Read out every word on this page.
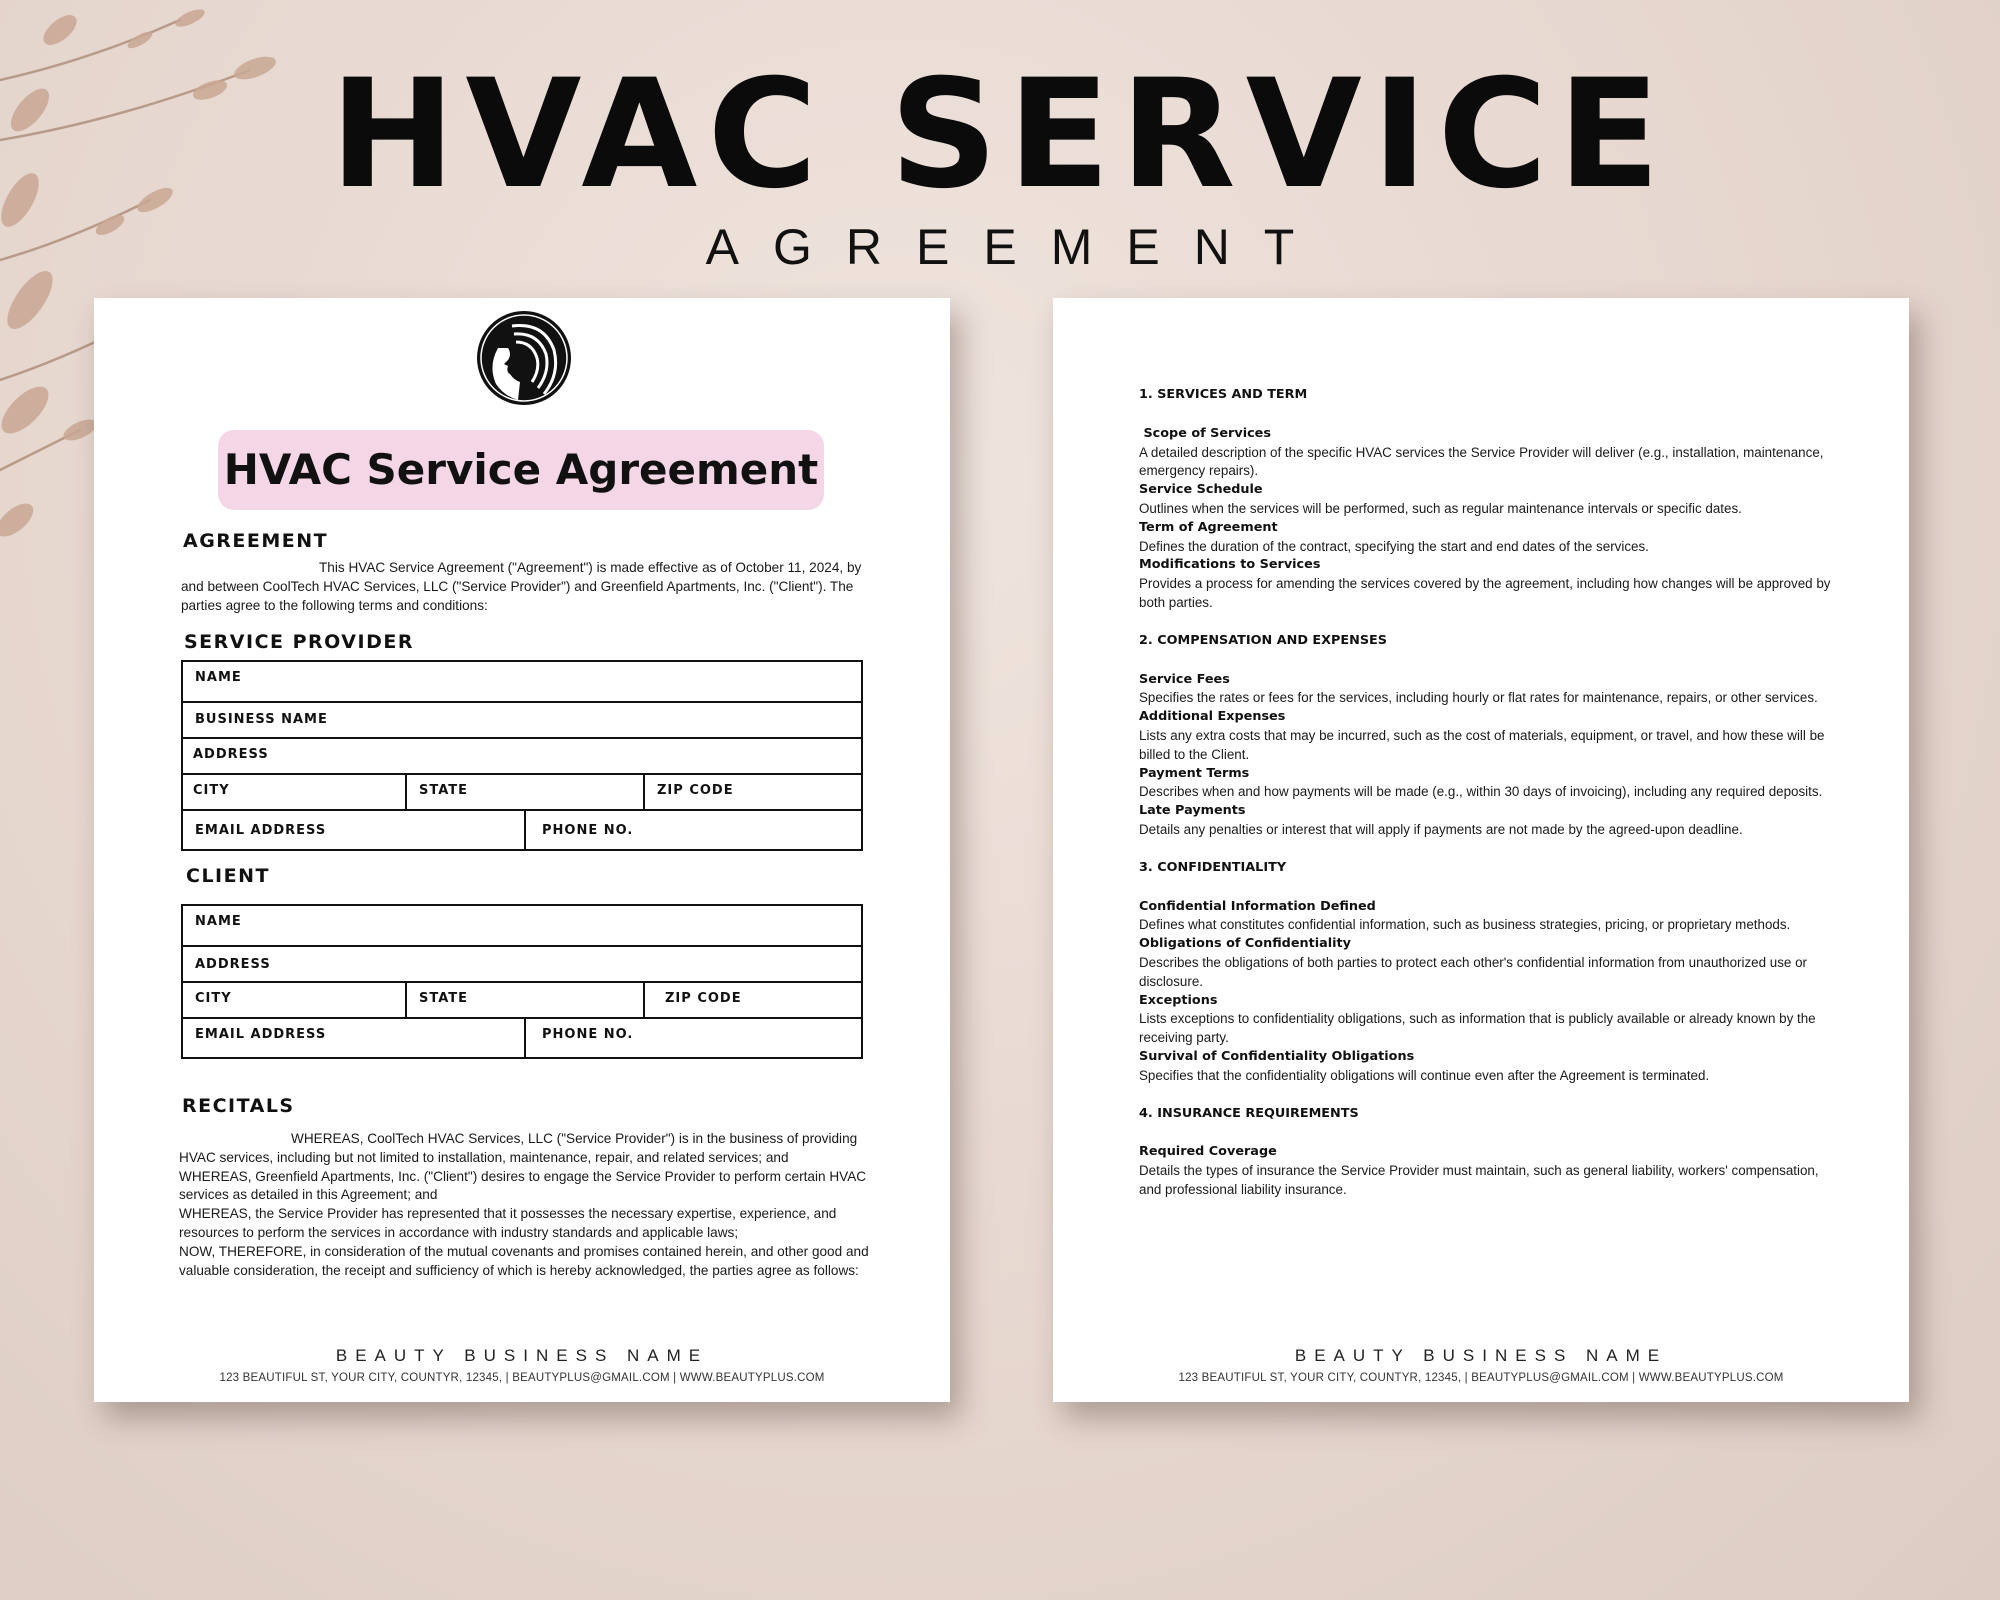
HVAC SERVICE
AGREEMENT
HVAC Service Agreement
AGREEMENT
This HVAC Service Agreement ("Agreement") is made effective as of October 11, 2024, by and between CoolTech HVAC Services, LLC ("Service Provider") and Greenfield Apartments, Inc. ("Client"). The parties agree to the following terms and conditions:
SERVICE PROVIDER
NAME
BUSINESS NAME
ADDRESS
CITY	STATE	ZIP CODE
EMAIL ADDRESS	PHONE NO.
CLIENT
NAME
ADDRESS
CITY	STATE	ZIP CODE
EMAIL ADDRESS	PHONE NO.
RECITALS
WHEREAS, CoolTech HVAC Services, LLC ("Service Provider") is in the business of providing HVAC services, including but not limited to installation, maintenance, repair, and related services; and
WHEREAS, Greenfield Apartments, Inc. ("Client") desires to engage the Service Provider to perform certain HVAC services as detailed in this Agreement; and
WHEREAS, the Service Provider has represented that it possesses the necessary expertise, experience, and resources to perform the services in accordance with industry standards and applicable laws;
NOW, THEREFORE, in consideration of the mutual covenants and promises contained herein, and other good and valuable consideration, the receipt and sufficiency of which is hereby acknowledged, the parties agree as follows:
BEAUTY BUSINESS NAME
123 BEAUTIFUL ST, YOUR CITY, COUNTYR, 12345, | BEAUTYPLUS@GMAIL.COM | WWW.BEAUTYPLUS.COM
1. SERVICES AND TERM
Scope of Services
A detailed description of the specific HVAC services the Service Provider will deliver (e.g., installation, maintenance, emergency repairs).
Service Schedule
Outlines when the services will be performed, such as regular maintenance intervals or specific dates.
Term of Agreement
Defines the duration of the contract, specifying the start and end dates of the services.
Modifications to Services
Provides a process for amending the services covered by the agreement, including how changes will be approved by both parties.
2. COMPENSATION AND EXPENSES
Service Fees
Specifies the rates or fees for the services, including hourly or flat rates for maintenance, repairs, or other services.
Additional Expenses
Lists any extra costs that may be incurred, such as the cost of materials, equipment, or travel, and how these will be billed to the Client.
Payment Terms
Describes when and how payments will be made (e.g., within 30 days of invoicing), including any required deposits.
Late Payments
Details any penalties or interest that will apply if payments are not made by the agreed-upon deadline.
3. CONFIDENTIALITY
Confidential Information Defined
Defines what constitutes confidential information, such as business strategies, pricing, or proprietary methods.
Obligations of Confidentiality
Describes the obligations of both parties to protect each other's confidential information from unauthorized use or disclosure.
Exceptions
Lists exceptions to confidentiality obligations, such as information that is publicly available or already known by the receiving party.
Survival of Confidentiality Obligations
Specifies that the confidentiality obligations will continue even after the Agreement is terminated.
4. INSURANCE REQUIREMENTS
Required Coverage
Details the types of insurance the Service Provider must maintain, such as general liability, workers' compensation, and professional liability insurance.
BEAUTY BUSINESS NAME
123 BEAUTIFUL ST, YOUR CITY, COUNTYR, 12345, | BEAUTYPLUS@GMAIL.COM | WWW.BEAUTYPLUS.COM
